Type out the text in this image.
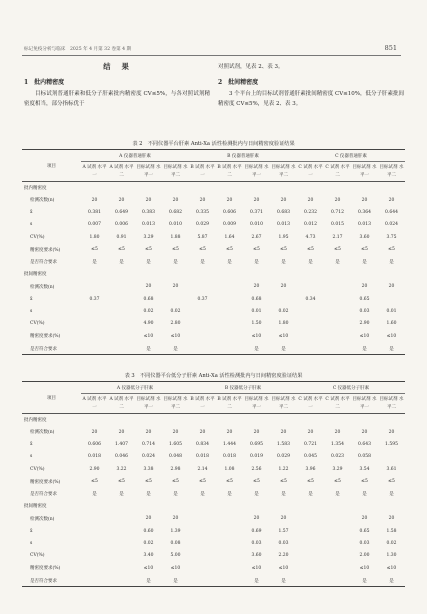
标记免疫分析与临床　2025 年 4 月第 32 卷第 4 期	851

结　果

1　批内精密度

目标试剂普通肝素和低分子肝素批内精密度 CV≤5%，与各对照试剂精密度相当，部分指标优于

对照试剂，见表 2、表 3。

2　批间精密度

3 个平台上的目标试剂普通肝素批间精密度 CV≤10%，低分子肝素批间精密度 CV≤5%，见表 2、表 3。

表 2　不同仪器平台肝素 Anti-Xa 活性检测批内与日间精密度验证结果
项目	A 仪器普通肝素				B 仪器普通肝素				C 仪器普通肝素			
	A 试剂 水平一	A 试剂 水平二	目标试剂 水平一	目标试剂 水平二	B 试剂 水平一	B 试剂 水平二	目标试剂 水平一	目标试剂 水平二	C 试剂 水平一	C 试剂 水平二	目标试剂 水平一	目标试剂 水平二
批内精密度												
检测次数(n)	20	20	20	20	20	20	20	20	20	20	20	20
x̄	0.381	0.649	0.383	0.682	0.335	0.606	0.371	0.683	0.232	0.712	0.364	0.644
s	0.007	0.006	0.013	0.010	0.029	0.009	0.010	0.013	0.012	0.015	0.013	0.024
CV(%)	1.80	0.91	3.29	1.88	5.87	1.64	2.67	1.95	4.73	2.17	3.60	3.75
精密度要求(%)	≤5	≤5	≤5	≤5	≤5	≤5	≤5	≤5	≤5	≤5	≤5	≤5
是否符合要求	是	是	是	是	是	是	是	是	是	是	是	是
批间精密度												
检测次数(n)			20	20			20	20			20	20
x̄	0.37		0.68		0.37		0.68		0.34		0.65	
s			0.02	0.02			0.01	0.02			0.03	0.01
CV(%)			4.90	2.80			1.50	1.80			2.90	1.60
精密度要求(%)			≤10	≤10			≤10	≤10			≤10	≤10
是否符合要求			是	是			是	是			是	是
表 3　不同仪器平台低分子肝素 Anti-Xa 活性检测批内与日间精密度验证结果
项目	A 仪器低分子肝素				B 仪器低分子肝素				C 仪器低分子肝素			
	A 试剂 水平一	A 试剂 水平二	目标试剂 水平一	目标试剂 水平二	B 试剂 水平一	B 试剂 水平二	目标试剂 水平一	目标试剂 水平二	C 试剂 水平一	C 试剂 水平二	目标试剂 水平一	目标试剂 水平二
批内精密度												
检测次数(n)	20	20	20	20	20	20	20	20	20	20	20	20
x̄	0.606	1.407	0.714	1.605	0.834	1.444	0.695	1.583	0.721	1.354	0.643	1.595
s	0.018	0.046	0.024	0.048	0.018	0.018	0.019	0.029	0.045	0.023	0.058	
CV(%)	2.90	3.22	3.38	2.98	2.14	1.08	2.56	1.22	3.96	3.29	3.54	3.61
精密度要求(%)	≤5	≤5	≤5	≤5	≤5	≤5	≤5	≤5	≤5	≤5	≤5	≤5
是否符合要求	是	是	是	是	是	是	是	是	是	是	是	是
批间精密度												
检测次数(n)			20	20			20	20			20	20
x̄			0.60	1.39			0.69	1.57			0.65	1.58
s			0.02	0.08			0.03	0.03			0.03	0.02
CV(%)			3.40	5.00			3.60	2.20			2.00	1.30
精密度要求(%)			≤10	≤10			≤10	≤10			≤10	≤10
是否符合要求			是	是			是	是			是	是
